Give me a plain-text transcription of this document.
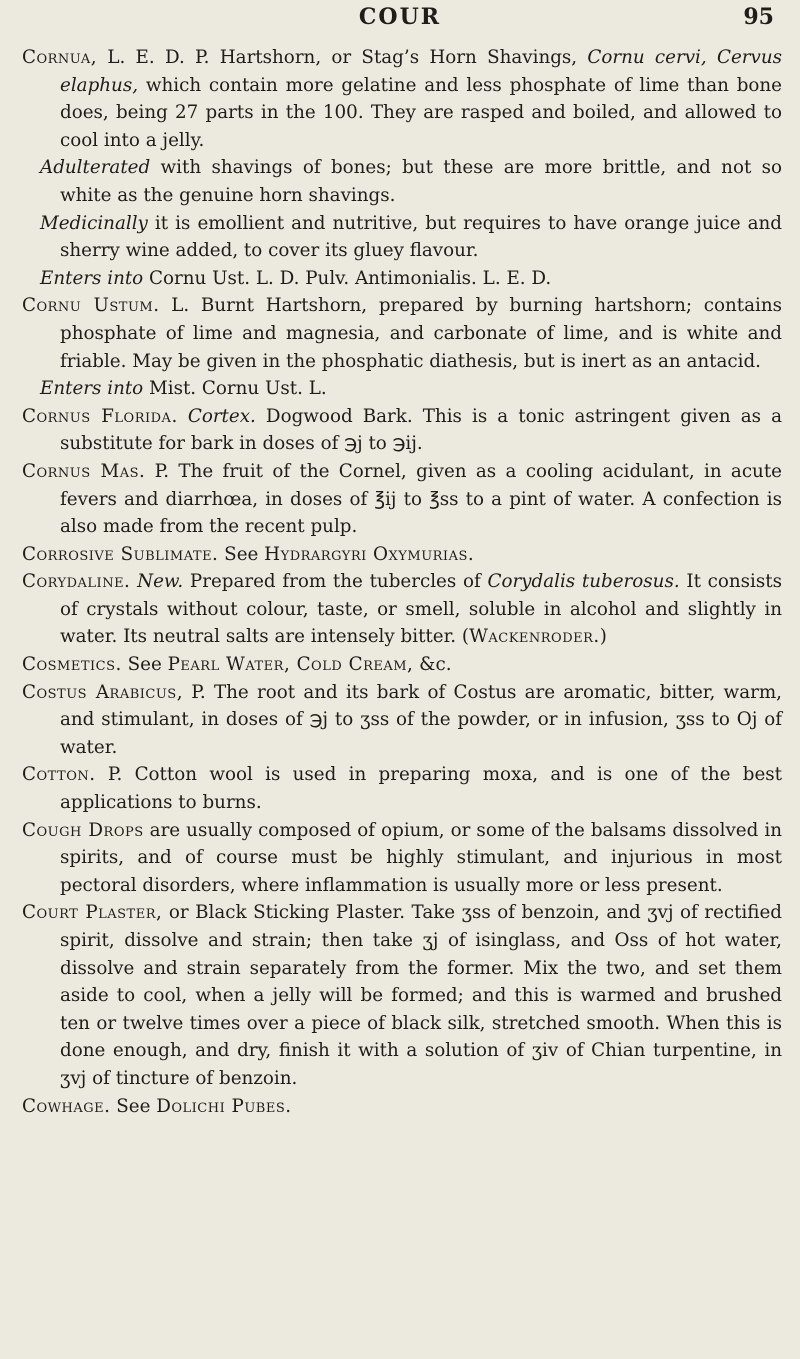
COUR	95

Cornua, L. E. D. P. Hartshorn, or Stag’s Horn Shavings, Cornu cervi, Cervus elaphus, which contain more gelatine and less phosphate of lime than bone does, being 27 parts in the 100. They are rasped and boiled, and allowed to cool into a jelly.

Adulterated with shavings of bones; but these are more brittle, and not so white as the genuine horn shavings.

Medicinally it is emollient and nutritive, but requires to have orange juice and sherry wine added, to cover its gluey flavour.

Enters into Cornu Ust. L. D. Pulv. Antimonialis. L. E. D.

Cornu Ustum. L. Burnt Hartshorn, prepared by burning hartshorn; contains phosphate of lime and magnesia, and carbonate of lime, and is white and friable. May be given in the phosphatic diathesis, but is inert as an antacid.

Enters into Mist. Cornu Ust. L.

Cornus Florida. Cortex. Dogwood Bark. This is a tonic astringent given as a substitute for bark in doses of ℈j to ℈ij.

Cornus Mas. P. The fruit of the Cornel, given as a cooling acidulant, in acute fevers and diarrhœa, in doses of ℥ij to ℥ss to a pint of water. A confection is also made from the recent pulp.

Corrosive Sublimate. See Hydrargyri Oxymurias.

Corydaline. New. Prepared from the tubercles of Corydalis tuberosus. It consists of crystals without colour, taste, or smell, soluble in alcohol and slightly in water. Its neutral salts are intensely bitter. (Wackenroder.)

Cosmetics. See Pearl Water, Cold Cream, &c.

Costus Arabicus, P. The root and its bark of Costus are aromatic, bitter, warm, and stimulant, in doses of ℈j to ʒss of the powder, or in infusion, ʒss to Oj of water.

Cotton. P. Cotton wool is used in preparing moxa, and is one of the best applications to burns.

Cough Drops are usually composed of opium, or some of the balsams dissolved in spirits, and of course must be highly stimulant, and injurious in most pectoral disorders, where inflammation is usually more or less present.

Court Plaster, or Black Sticking Plaster. Take ʒss of benzoin, and ʒvj of rectified spirit, dissolve and strain; then take ʒj of isinglass, and Oss of hot water, dissolve and strain separately from the former. Mix the two, and set them aside to cool, when a jelly will be formed; and this is warmed and brushed ten or twelve times over a piece of black silk, stretched smooth. When this is done enough, and dry, finish it with a solution of ʒiv of Chian turpentine, in ʒvj of tincture of benzoin.

Cowhage. See Dolichi Pubes.
